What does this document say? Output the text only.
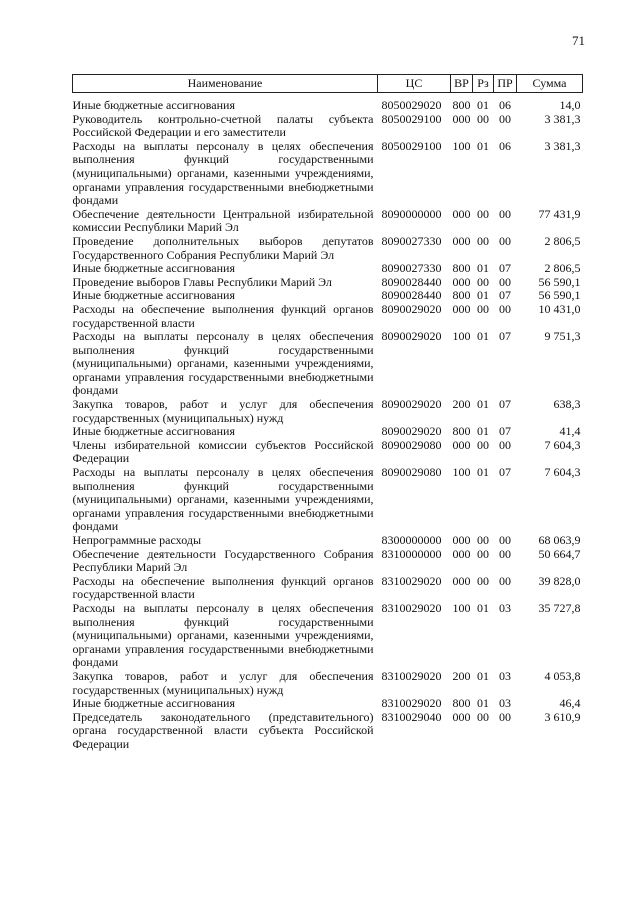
71
Наименование	ЦС	ВР	Рз	ПР	Сумма
Иные бюджетные ассигнования	8050029020	800	01	06	14,0
Руководитель контрольно-счетной палаты субъекта Российской Федерации и его заместители	8050029100	000	00	00	3 381,3
Расходы на выплаты персоналу в целях обеспечения выполнения функций государственными (муниципальными) органами, казенными учреждениями, органами управления государственными внебюджетными фондами	8050029100	100	01	06	3 381,3
Обеспечение деятельности Центральной избирательной комиссии Республики Марий Эл	8090000000	000	00	00	77 431,9
Проведение дополнительных выборов депутатов Государственного Собрания Республики Марий Эл	8090027330	000	00	00	2 806,5
Иные бюджетные ассигнования	8090027330	800	01	07	2 806,5
Проведение выборов Главы Республики Марий Эл	8090028440	000	00	00	56 590,1
Иные бюджетные ассигнования	8090028440	800	01	07	56 590,1
Расходы на обеспечение выполнения функций органов государственной власти	8090029020	000	00	00	10 431,0
Расходы на выплаты персоналу в целях обеспечения выполнения функций государственными (муниципальными) органами, казенными учреждениями, органами управления государственными внебюджетными фондами	8090029020	100	01	07	9 751,3
Закупка товаров, работ и услуг для обеспечения государственных (муниципальных) нужд	8090029020	200	01	07	638,3
Иные бюджетные ассигнования	8090029020	800	01	07	41,4
Члены избирательной комиссии субъектов Российской Федерации	8090029080	000	00	00	7 604,3
Расходы на выплаты персоналу в целях обеспечения выполнения функций государственными (муниципальными) органами, казенными учреждениями, органами управления государственными внебюджетными фондами	8090029080	100	01	07	7 604,3
Непрограммные расходы	8300000000	000	00	00	68 063,9
Обеспечение деятельности Государственного Собрания Республики Марий Эл	8310000000	000	00	00	50 664,7
Расходы на обеспечение выполнения функций органов государственной власти	8310029020	000	00	00	39 828,0
Расходы на выплаты персоналу в целях обеспечения выполнения функций государственными (муниципальными) органами, казенными учреждениями, органами управления государственными внебюджетными фондами	8310029020	100	01	03	35 727,8
Закупка товаров, работ и услуг для обеспечения государственных (муниципальных) нужд	8310029020	200	01	03	4 053,8
Иные бюджетные ассигнования	8310029020	800	01	03	46,4
Председатель законодательного (представительного) органа государственной власти субъекта Российской Федерации	8310029040	000	00	00	3 610,9
